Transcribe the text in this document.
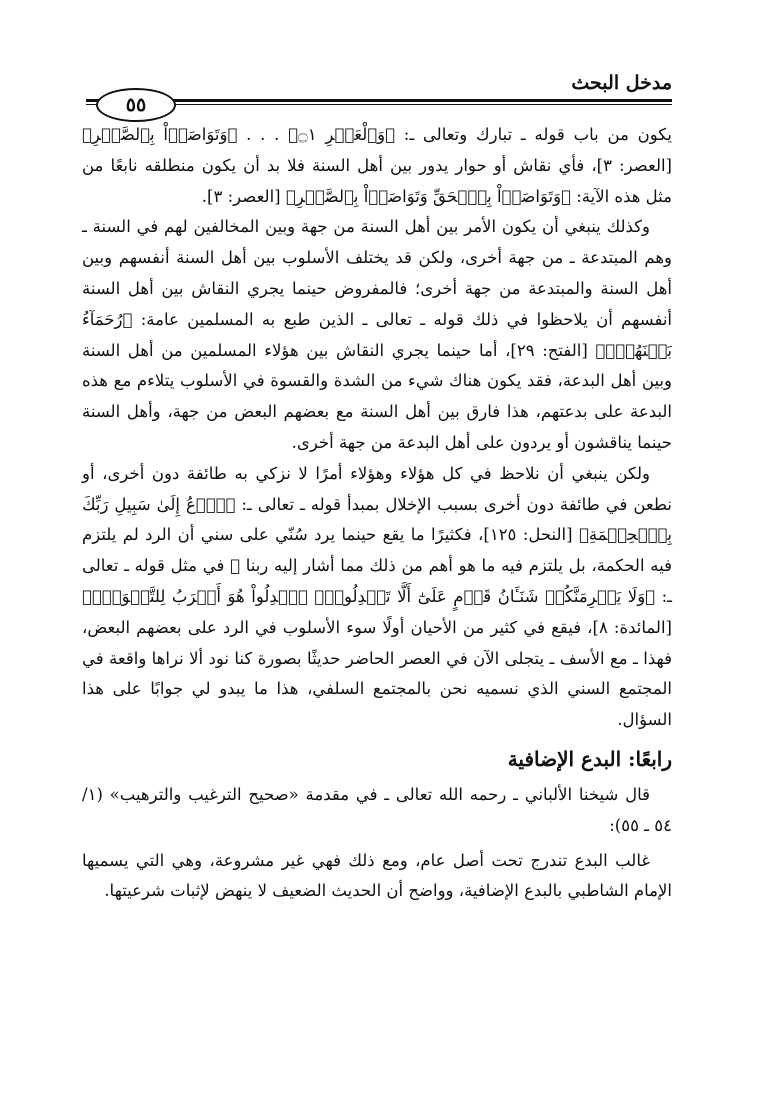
مدخل البحث
٥٥

يكون من باب قوله ـ تبارك وتعالى ـ: ﴿وَٱلْعَصۡرِ ۝١﴾ . . . ﴿وَتَوَاصَوۡاْ بِٱلصَّبۡرِ﴾ [العصر: ٣]، فأي نقاش أو حوار يدور بين أهل السنة فلا بد أن يكون منطلقه نابعًا من مثل هذه الآية: ﴿وَتَوَاصَوۡاْ بِٱلۡحَقِّ وَتَوَاصَوۡاْ بِٱلصَّبۡرِ﴾ [العصر: ٣].

وكذلك ينبغي أن يكون الأمر بين أهل السنة من جهة وبين المخالفين لهم في السنة ـ وهم المبتدعة ـ من جهة أخرى، ولكن قد يختلف الأسلوب بين أهل السنة أنفسهم وبين أهل السنة والمبتدعة من جهة أخرى؛ فالمفروض حينما يجري النقاش بين أهل السنة أنفسهم أن يلاحظوا في ذلك قوله ـ تعالى ـ الذين طبع به المسلمين عامة: ﴿رُحَمَآءُ بَيۡنَهُمۡۖ﴾ [الفتح: ٢٩]، أما حينما يجري النقاش بين هؤلاء المسلمين من أهل السنة وبين أهل البدعة، فقد يكون هناك شيء من الشدة والقسوة في الأسلوب يتلاءم مع هذه البدعة على بدعتهم، هذا فارق بين أهل السنة مع بعضهم البعض من جهة، وأهل السنة حينما يناقشون أو يردون على أهل البدعة من جهة أخرى.

ولكن ينبغي أن نلاحظ في كل هؤلاء وهؤلاء أمرًا لا نزكي به طائفة دون أخرى، أو نطعن في طائفة دون أخرى بسبب الإخلال بمبدأ قوله ـ تعالى ـ: ﴿ٱدۡعُ إِلَىٰ سَبِيلِ رَبِّكَ بِٱلۡحِكۡمَةِ﴾ [النحل: ١٢٥]، فكثيرًا ما يقع حينما يرد سُنّي على سني أن الرد لم يلتزم فيه الحكمة، بل يلتزم فيه ما هو أهم من ذلك مما أشار إليه ربنا ﷻ في مثل قوله ـ تعالى ـ: ﴿وَلَا يَجۡرِمَنَّكُمۡ شَنَـَٔانُ قَوۡمٍ عَلَىٰٓ أَلَّا تَعۡدِلُواْۚ ٱعۡدِلُواْ هُوَ أَقۡرَبُ لِلتَّقۡوَىٰۖ﴾ [المائدة: ٨]، فيقع في كثير من الأحيان أولًا سوء الأسلوب في الرد على بعضهم البعض، فهذا ـ مع الأسف ـ يتجلى الآن في العصر الحاضر حديثًا بصورة كنا نود ألا نراها واقعة في المجتمع السني الذي نسميه نحن بالمجتمع السلفي، هذا ما يبدو لي جوابًا على هذا السؤال.

رابعًا: البدع الإضافية

قال شيخنا الألباني ـ رحمه الله تعالى ـ في مقدمة «صحيح الترغيب والترهيب» (١/ ٥٤ ـ ٥٥):

غالب البدع تندرج تحت أصل عام، ومع ذلك فهي غير مشروعة، وهي التي يسميها الإمام الشاطبي بالبدع الإضافية، وواضح أن الحديث الضعيف لا ينهض لإثبات شرعيتها.
